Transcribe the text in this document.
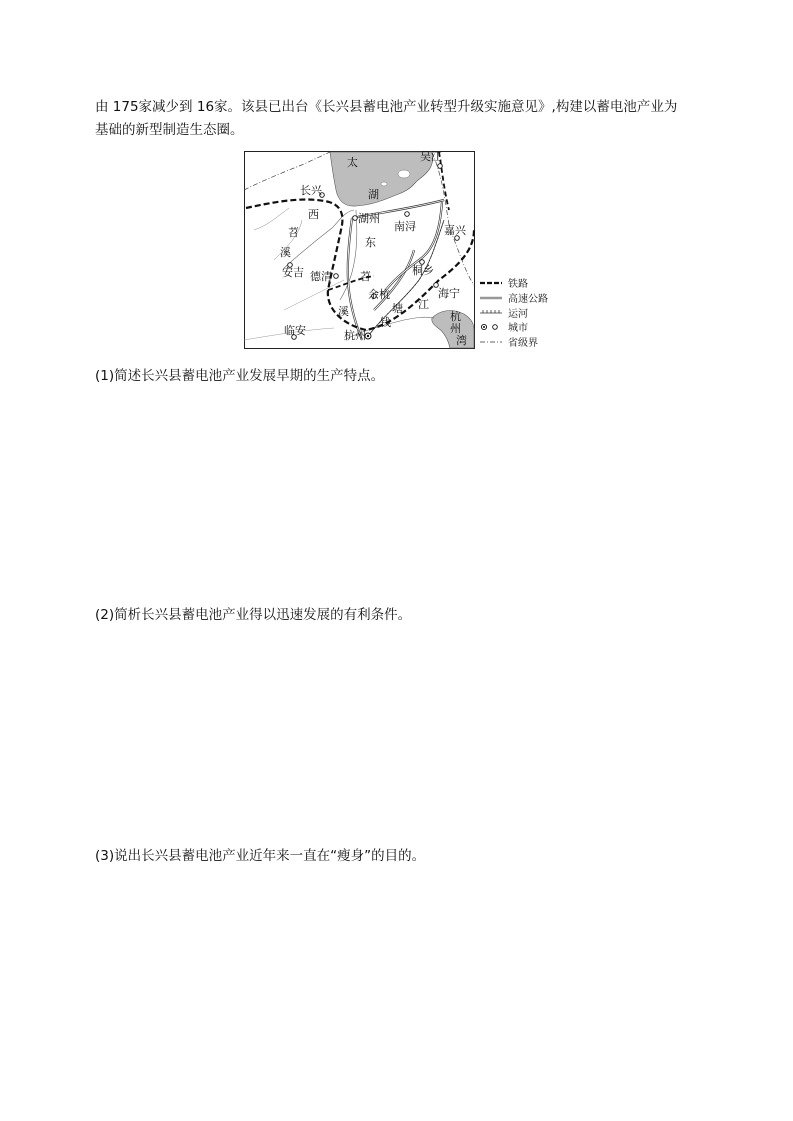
由 175家减少到 16家。该县已出台《长兴县蓄电池产业转型升级实施意见》,构建以蓄电池产业为
基础的新型制造生态圈。
太
湖
吴江
长兴
西
苕
溪
湖州
南浔	嘉兴
东
安吉 德清	苕	桐乡
余杭	海宁
溪	塘 江
钱	杭
州
湾
临安	杭州
铁路
高速公路
运河
城市
省级界
(1)简述长兴县蓄电池产业发展早期的生产特点。
(2)简析长兴县蓄电池产业得以迅速发展的有利条件。
(3)说出长兴县蓄电池产业近年来一直在“瘦身”的目的。
